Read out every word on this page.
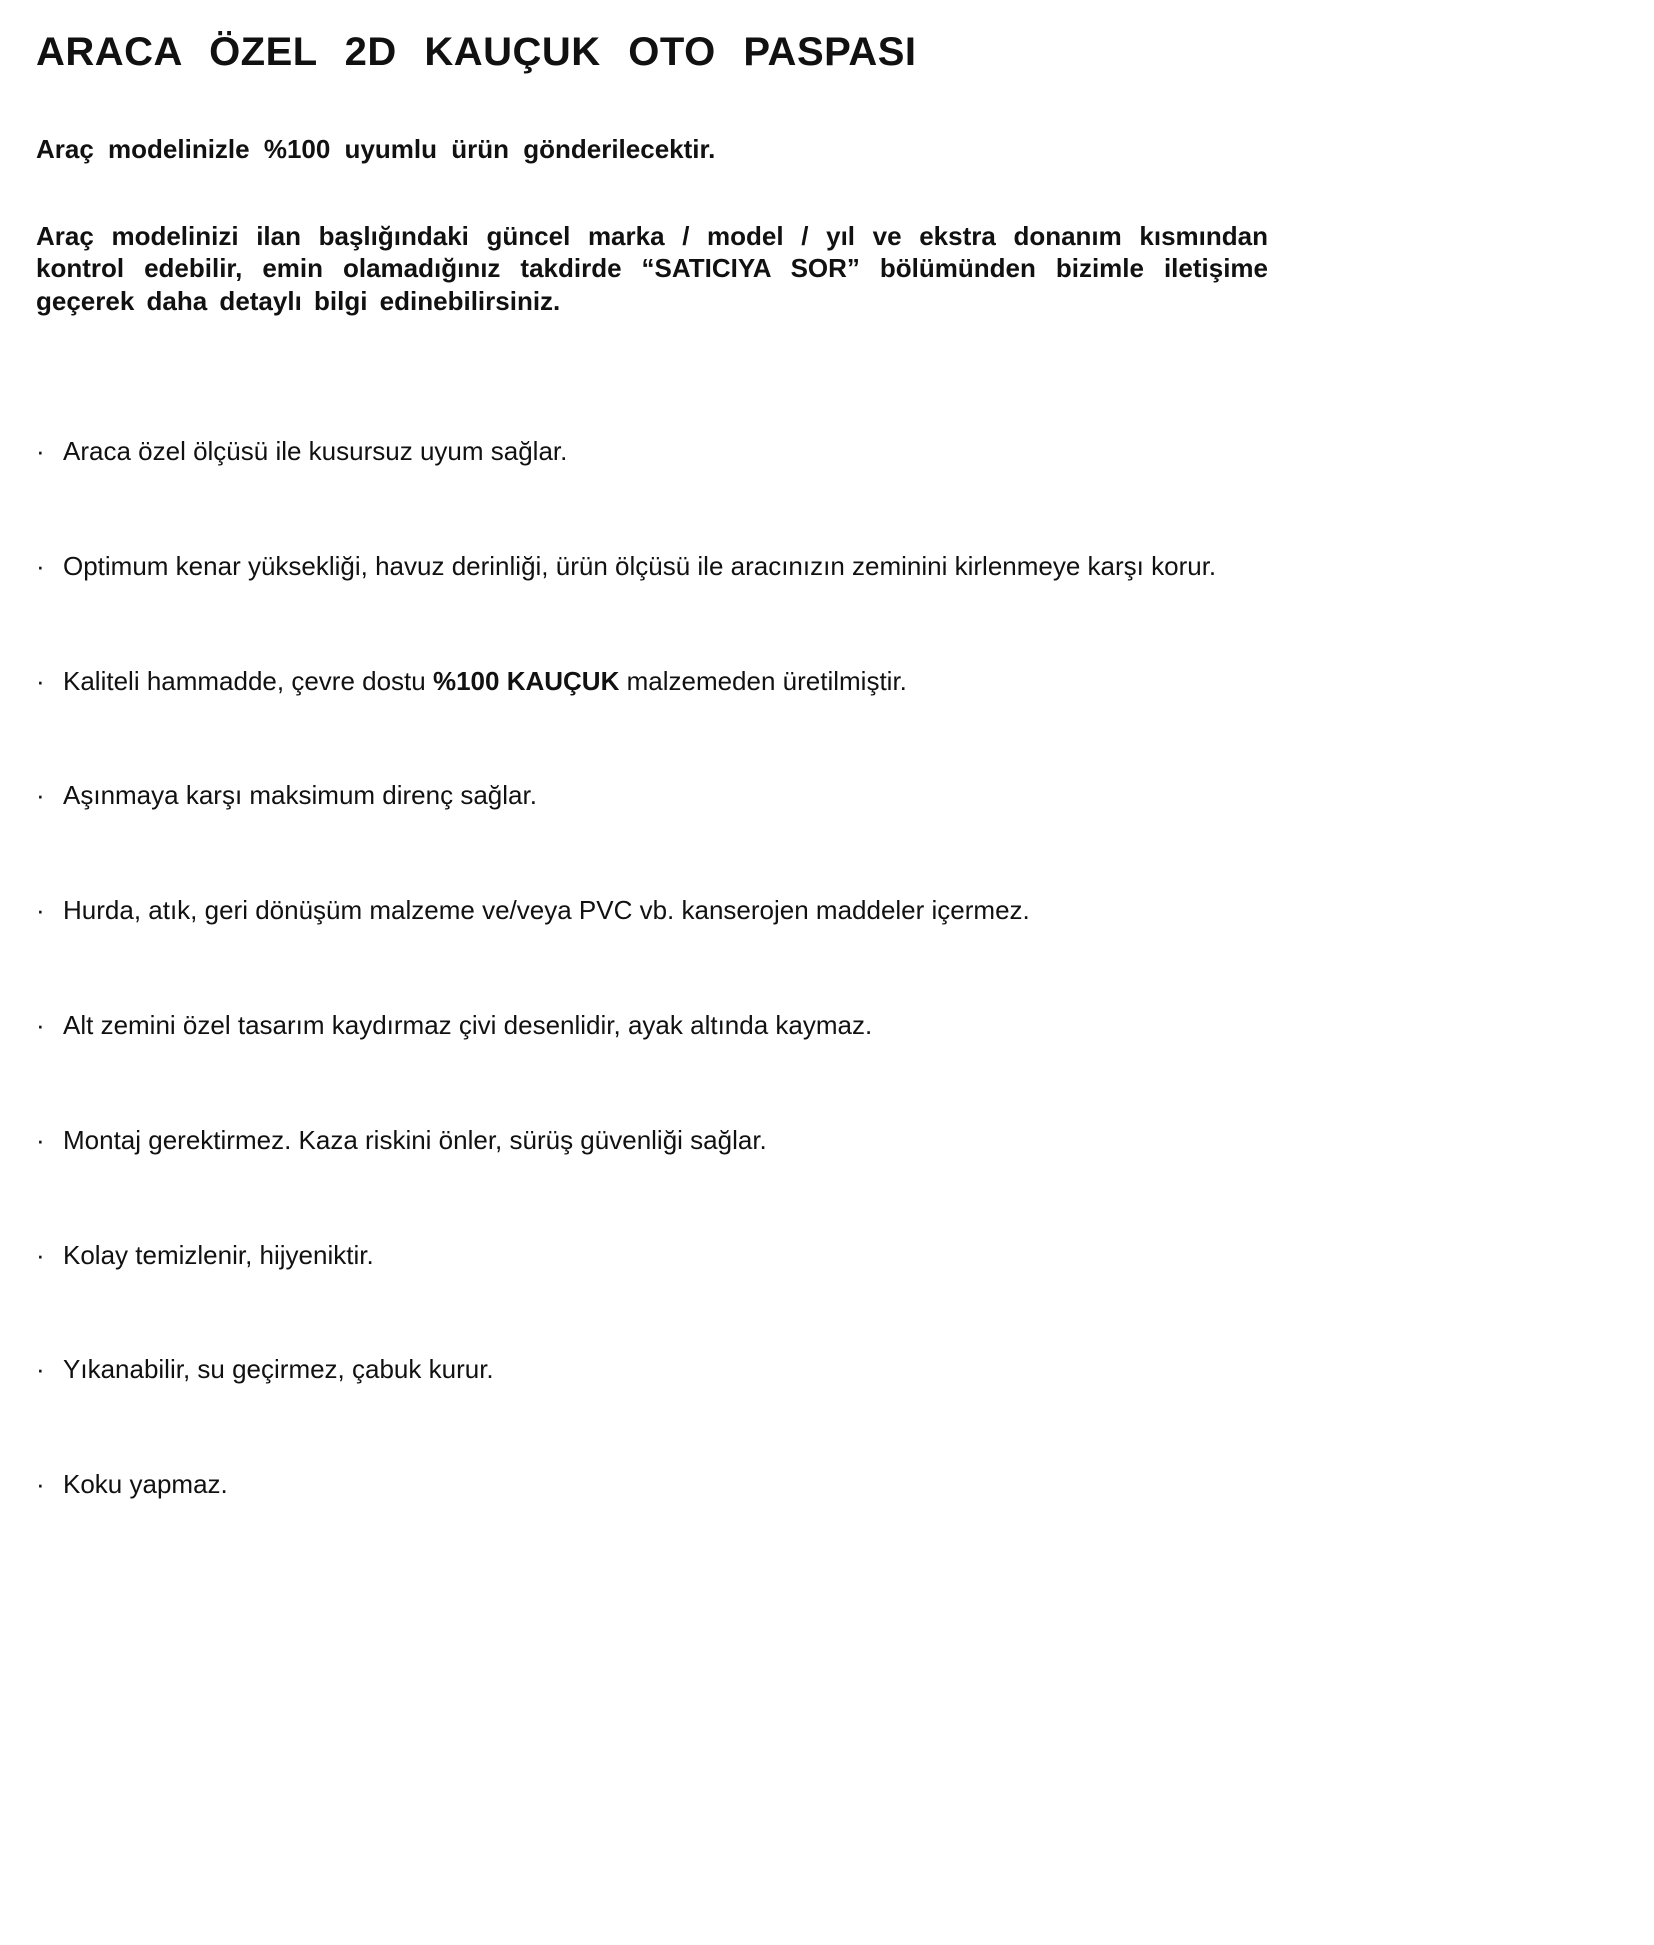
ARACA ÖZEL 2D KAUÇUK OTO PASPASI

Araç modelinizle %100 uyumlu ürün gönderilecektir.

Araç modelinizi ilan başlığındaki güncel marka / model / yıl ve ekstra donanım kısmından kontrol edebilir, emin olamadığınız takdirde “SATICIYA SOR” bölümünden bizimle iletişime geçerek daha detaylı bilgi edinebilirsiniz.

· Araca özel ölçüsü ile kusursuz uyum sağlar.
· Optimum kenar yüksekliği, havuz derinliği, ürün ölçüsü ile aracınızın zeminini kirlenmeye karşı korur.
· Kaliteli hammadde, çevre dostu %100 KAUÇUK malzemeden üretilmiştir.
· Aşınmaya karşı maksimum direnç sağlar.
· Hurda, atık, geri dönüşüm malzeme ve/veya PVC vb. kanserojen maddeler içermez.
· Alt zemini özel tasarım kaydırmaz çivi desenlidir, ayak altında kaymaz.
· Montaj gerektirmez. Kaza riskini önler, sürüş güvenliği sağlar.
· Kolay temizlenir, hijyeniktir.
· Yıkanabilir, su geçirmez, çabuk kurur.
· Koku yapmaz.
